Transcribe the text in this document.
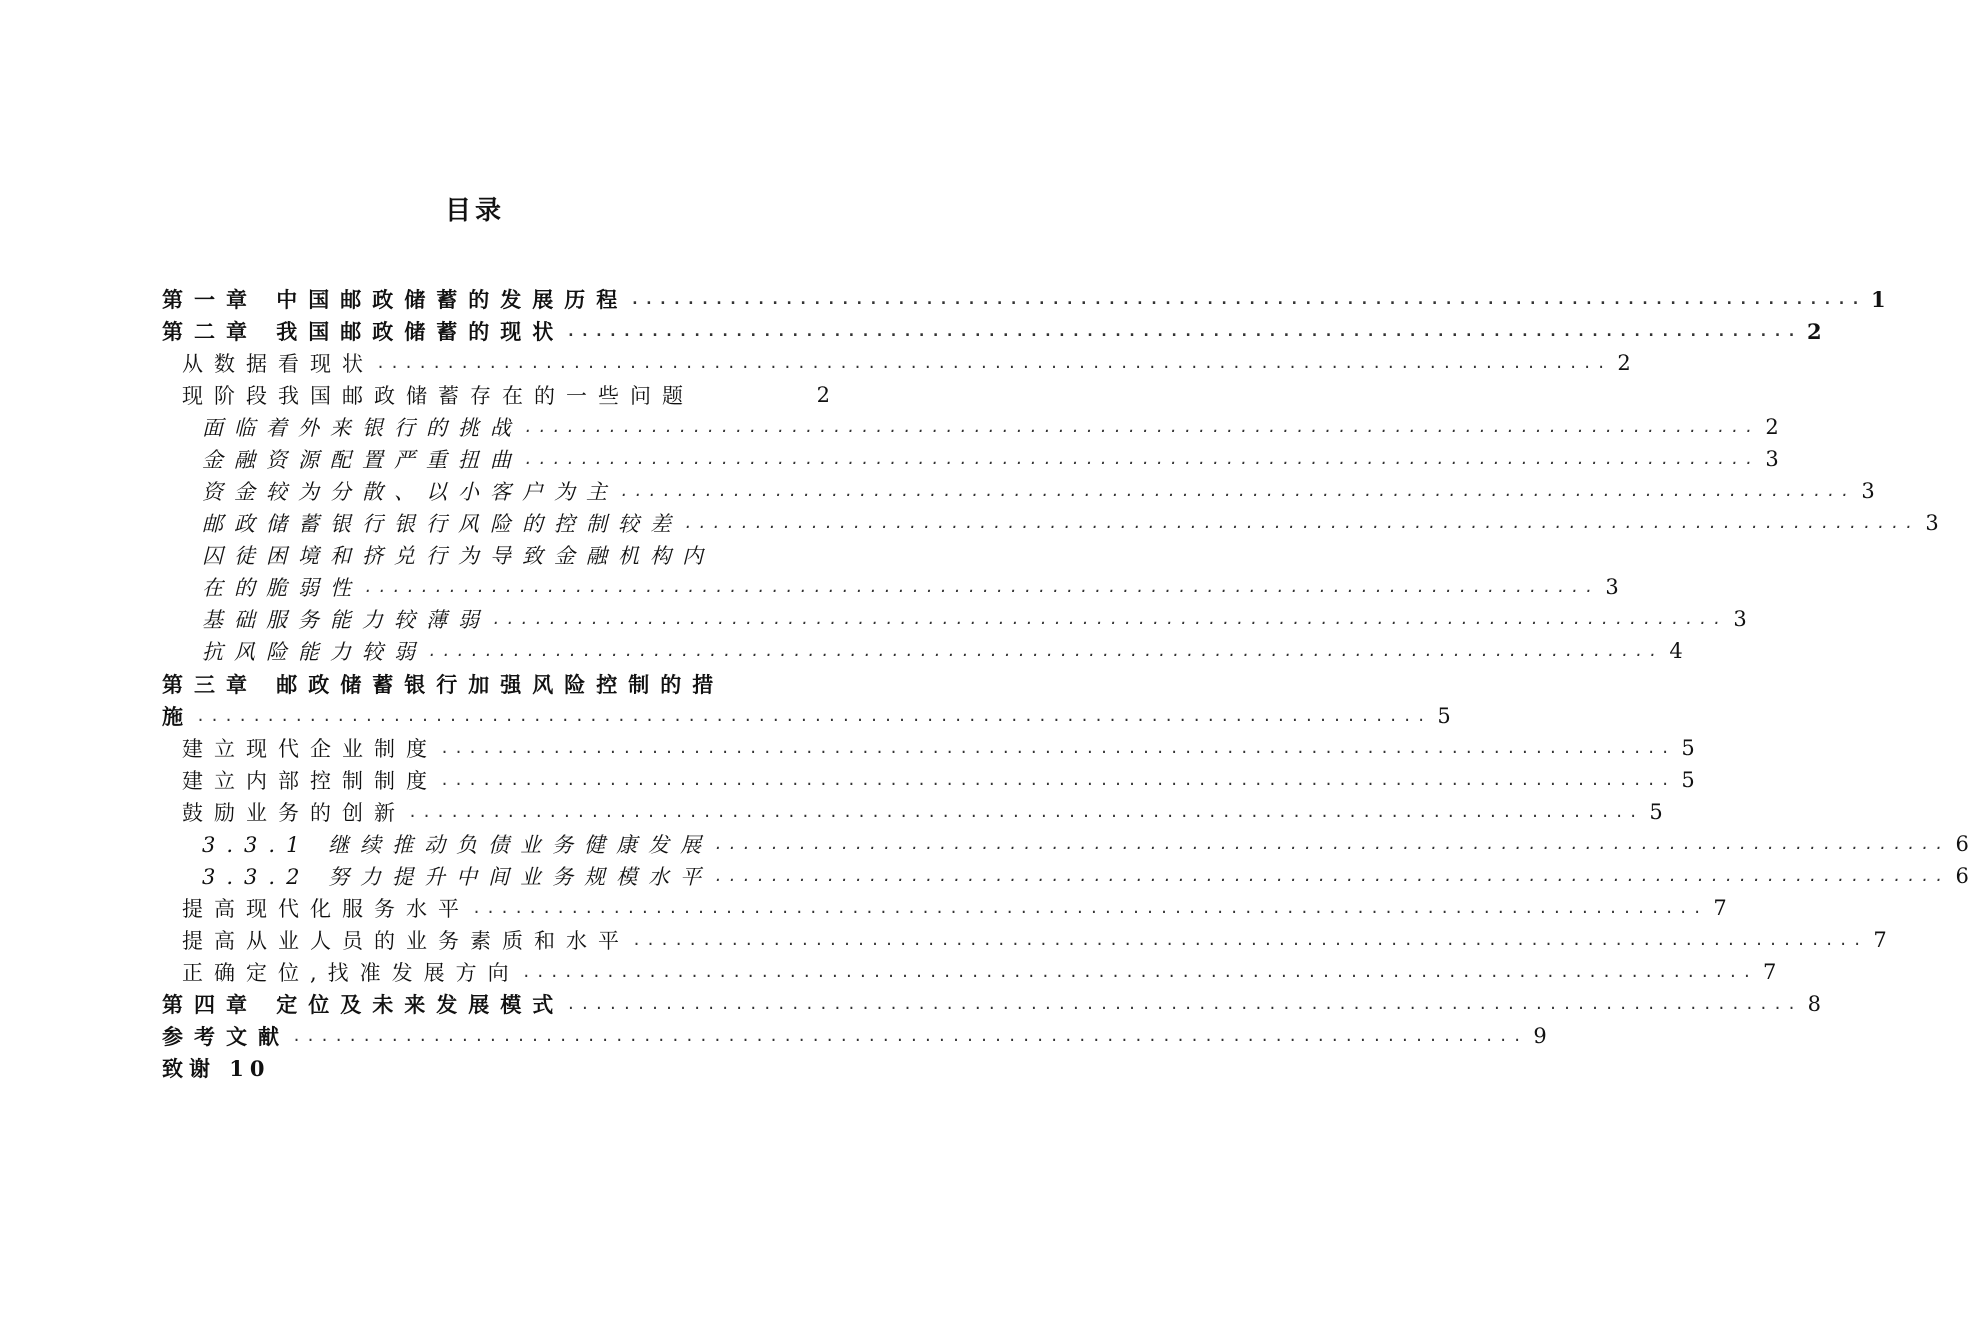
目录
第一章 中国邮政储蓄的发展历程 ........................................................................................ 1
第二章 我国邮政储蓄的现状 ........................................................................................ 2
从数据看现状 ........................................................................................ 2
现阶段我国邮政储蓄存在的一些问题	2
面临着外来银行的挑战 ........................................................................................ 2
金融资源配置严重扭曲 ........................................................................................ 3
资金较为分散、以小客户为主 ........................................................................................ 3
邮政储蓄银行银行风险的控制较差 ........................................................................................ 3
囚徒困境和挤兑行为导致金融机构内
在的脆弱性 ........................................................................................ 3
基础服务能力较薄弱 ........................................................................................ 3
抗风险能力较弱 ........................................................................................ 4
第三章 邮政储蓄银行加强风险控制的措
施 ........................................................................................ 5
建立现代企业制度 ........................................................................................ 5
建立内部控制制度 ........................................................................................ 5
鼓励业务的创新 ........................................................................................ 5
3.3.1 继续推动负债业务健康发展 ........................................................................................ 6
3.3.2 努力提升中间业务规模水平 ........................................................................................ 6
提高现代化服务水平 ........................................................................................ 7
提高从业人员的业务素质和水平 ........................................................................................ 7
正确定位,找准发展方向 ........................................................................................ 7
第四章 定位及未来发展模式 ........................................................................................ 8
参考文献 ........................................................................................ 9
致谢 10
